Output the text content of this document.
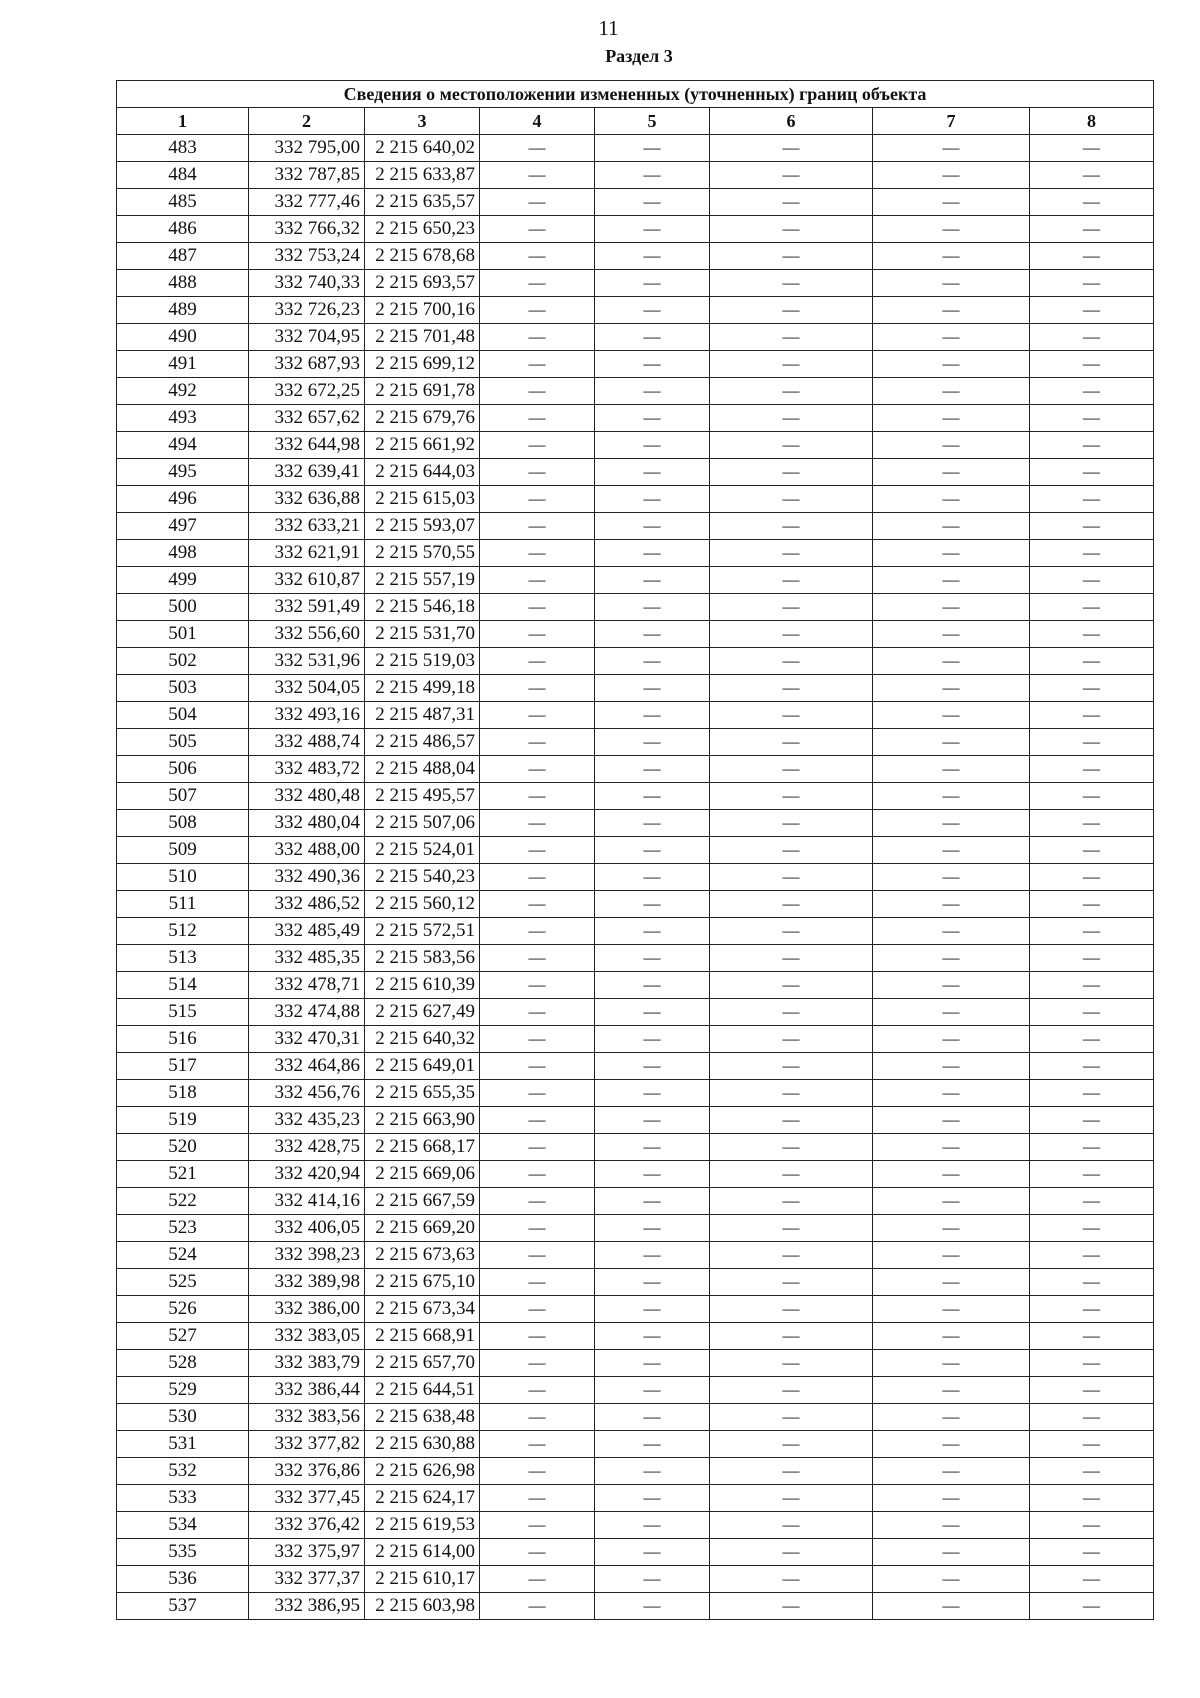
11
Раздел 3
Сведения о местоположении измененных (уточненных) границ объекта							
1	2	3	4	5	6	7	8
483	332 795,00	2 215 640,02	—	—	—	—	—
484	332 787,85	2 215 633,87	—	—	—	—	—
485	332 777,46	2 215 635,57	—	—	—	—	—
486	332 766,32	2 215 650,23	—	—	—	—	—
487	332 753,24	2 215 678,68	—	—	—	—	—
488	332 740,33	2 215 693,57	—	—	—	—	—
489	332 726,23	2 215 700,16	—	—	—	—	—
490	332 704,95	2 215 701,48	—	—	—	—	—
491	332 687,93	2 215 699,12	—	—	—	—	—
492	332 672,25	2 215 691,78	—	—	—	—	—
493	332 657,62	2 215 679,76	—	—	—	—	—
494	332 644,98	2 215 661,92	—	—	—	—	—
495	332 639,41	2 215 644,03	—	—	—	—	—
496	332 636,88	2 215 615,03	—	—	—	—	—
497	332 633,21	2 215 593,07	—	—	—	—	—
498	332 621,91	2 215 570,55	—	—	—	—	—
499	332 610,87	2 215 557,19	—	—	—	—	—
500	332 591,49	2 215 546,18	—	—	—	—	—
501	332 556,60	2 215 531,70	—	—	—	—	—
502	332 531,96	2 215 519,03	—	—	—	—	—
503	332 504,05	2 215 499,18	—	—	—	—	—
504	332 493,16	2 215 487,31	—	—	—	—	—
505	332 488,74	2 215 486,57	—	—	—	—	—
506	332 483,72	2 215 488,04	—	—	—	—	—
507	332 480,48	2 215 495,57	—	—	—	—	—
508	332 480,04	2 215 507,06	—	—	—	—	—
509	332 488,00	2 215 524,01	—	—	—	—	—
510	332 490,36	2 215 540,23	—	—	—	—	—
511	332 486,52	2 215 560,12	—	—	—	—	—
512	332 485,49	2 215 572,51	—	—	—	—	—
513	332 485,35	2 215 583,56	—	—	—	—	—
514	332 478,71	2 215 610,39	—	—	—	—	—
515	332 474,88	2 215 627,49	—	—	—	—	—
516	332 470,31	2 215 640,32	—	—	—	—	—
517	332 464,86	2 215 649,01	—	—	—	—	—
518	332 456,76	2 215 655,35	—	—	—	—	—
519	332 435,23	2 215 663,90	—	—	—	—	—
520	332 428,75	2 215 668,17	—	—	—	—	—
521	332 420,94	2 215 669,06	—	—	—	—	—
522	332 414,16	2 215 667,59	—	—	—	—	—
523	332 406,05	2 215 669,20	—	—	—	—	—
524	332 398,23	2 215 673,63	—	—	—	—	—
525	332 389,98	2 215 675,10	—	—	—	—	—
526	332 386,00	2 215 673,34	—	—	—	—	—
527	332 383,05	2 215 668,91	—	—	—	—	—
528	332 383,79	2 215 657,70	—	—	—	—	—
529	332 386,44	2 215 644,51	—	—	—	—	—
530	332 383,56	2 215 638,48	—	—	—	—	—
531	332 377,82	2 215 630,88	—	—	—	—	—
532	332 376,86	2 215 626,98	—	—	—	—	—
533	332 377,45	2 215 624,17	—	—	—	—	—
534	332 376,42	2 215 619,53	—	—	—	—	—
535	332 375,97	2 215 614,00	—	—	—	—	—
536	332 377,37	2 215 610,17	—	—	—	—	—
537	332 386,95	2 215 603,98	—	—	—	—	—
